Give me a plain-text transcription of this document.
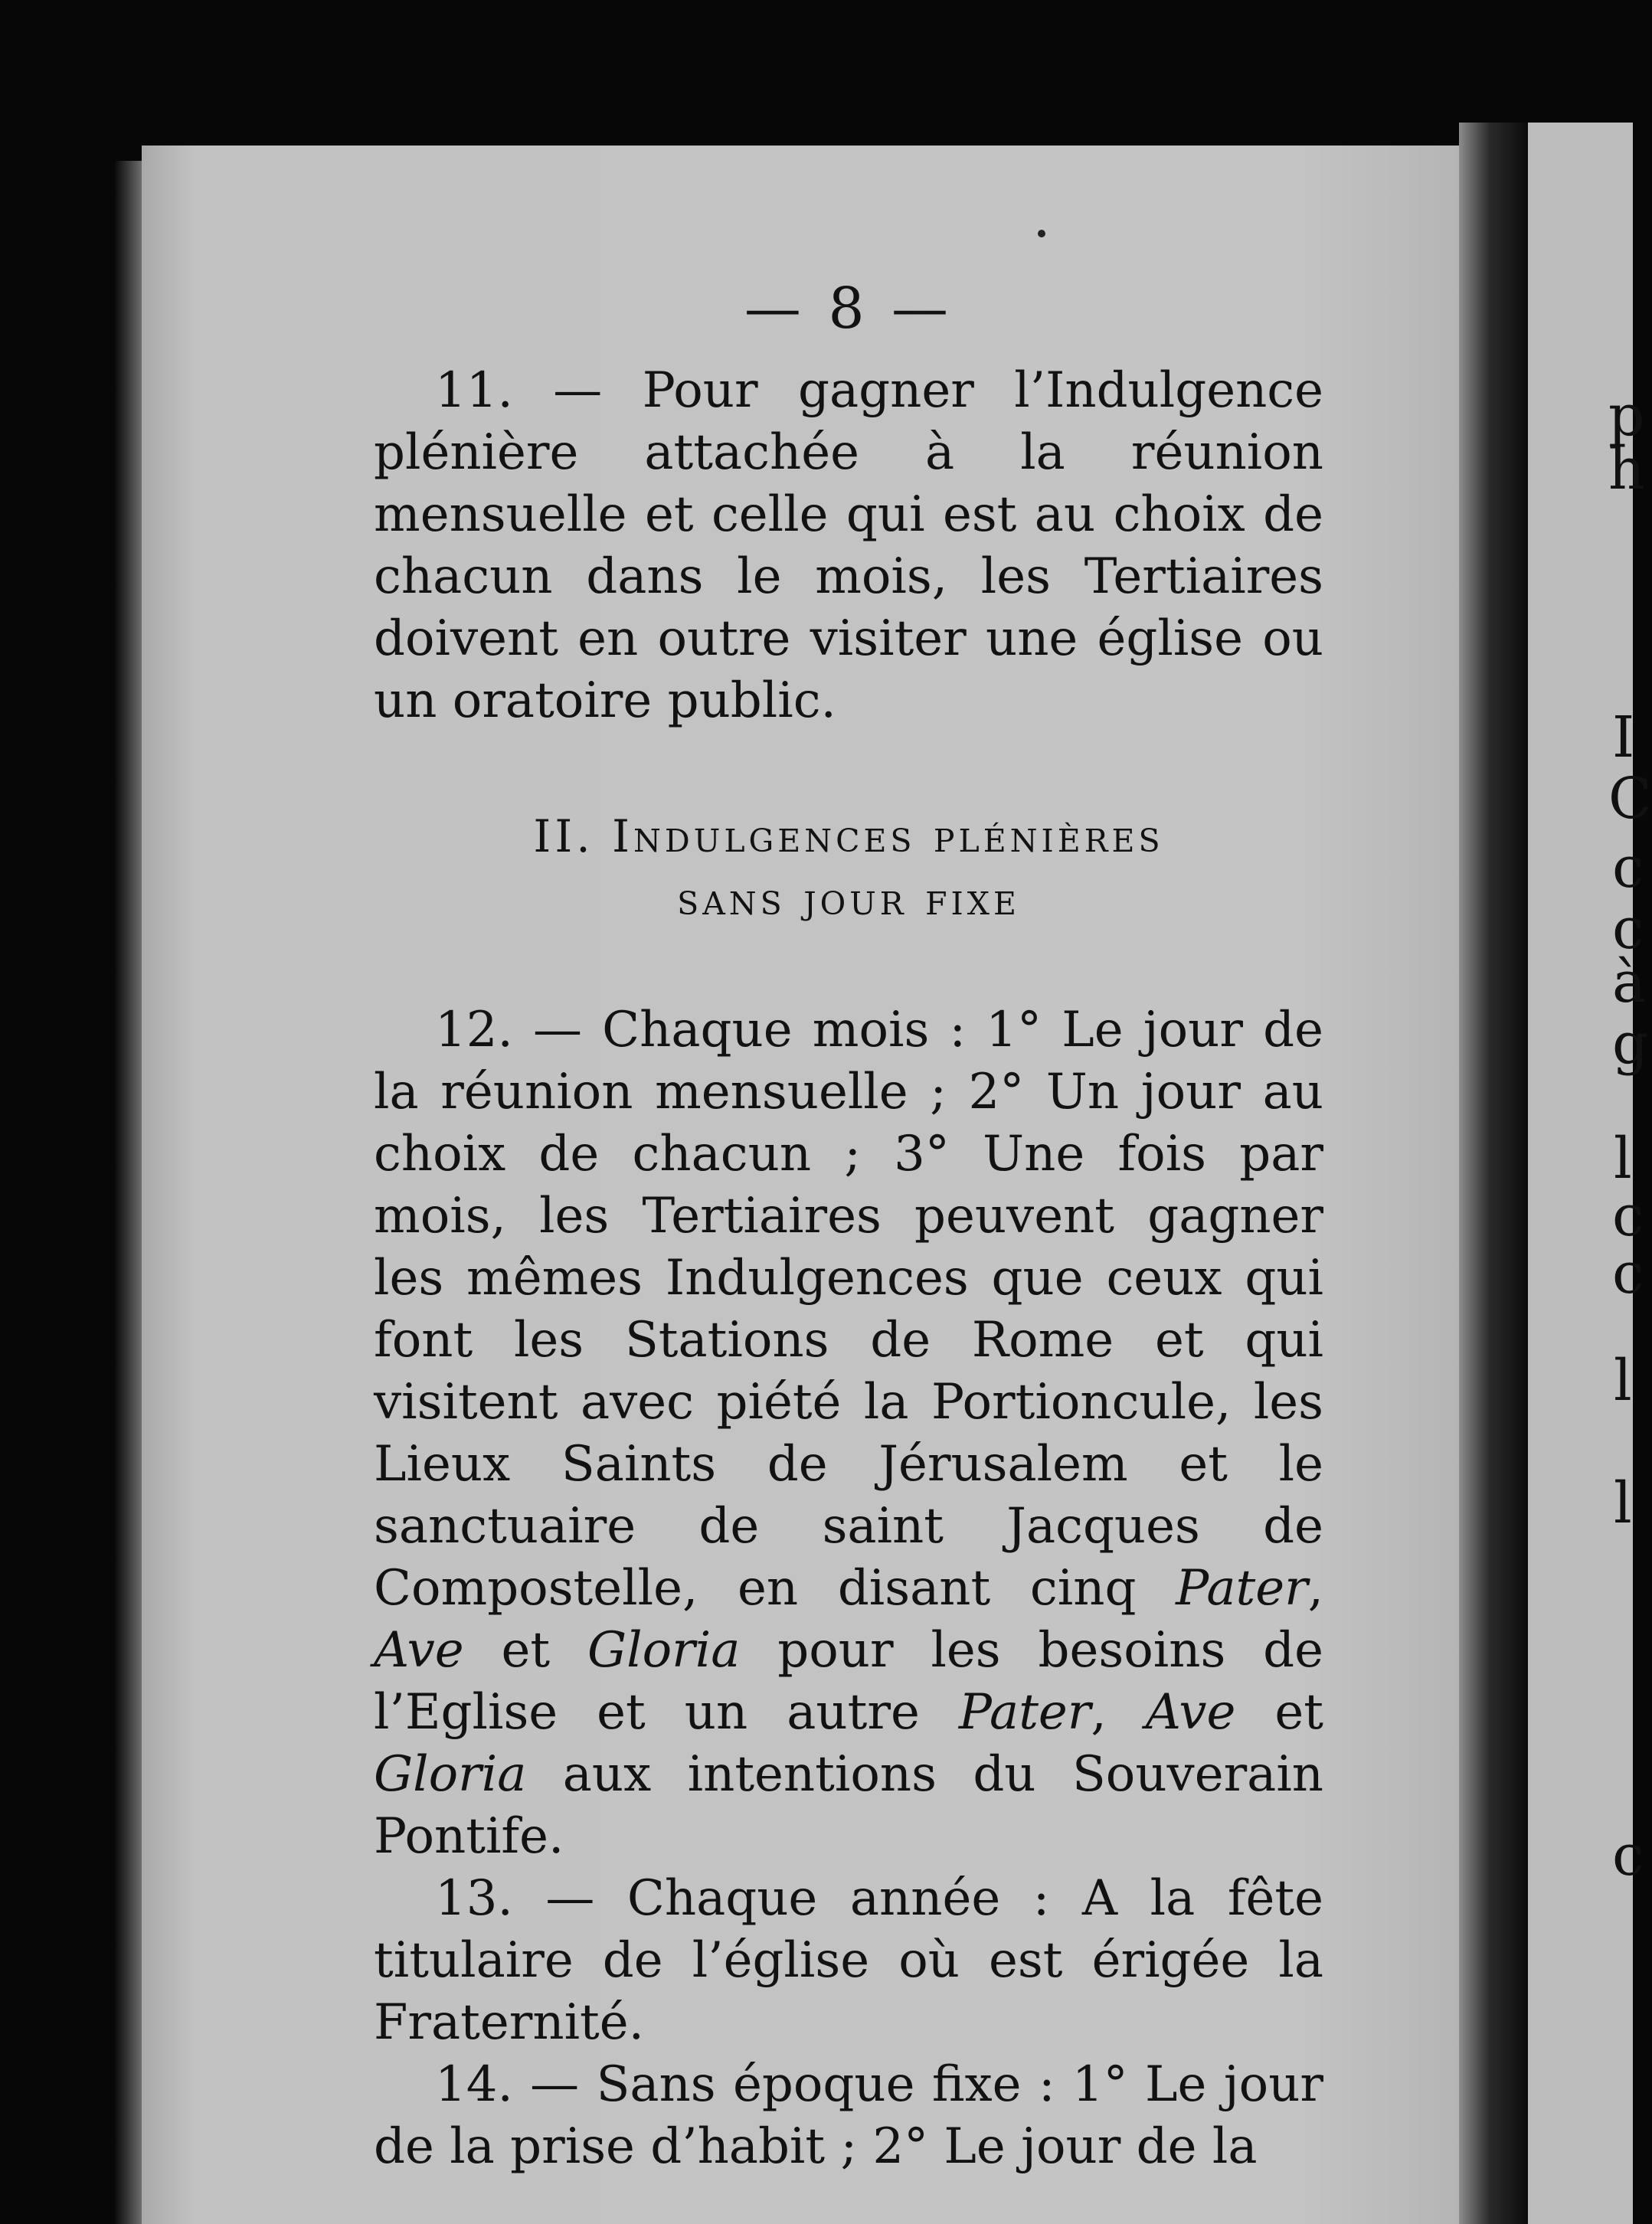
p
h
I
C
c
c
à
g
l
c
c
l
l
c
— 8 —

11. — Pour gagner l’Indulgence plénière attachée à la réunion mensuelle et celle qui est au choix de chacun dans le mois, les Tertiaires doivent en outre visiter une église ou un oratoire public.

II. Indulgences plénières
sans jour fixe

12. — Chaque mois : 1° Le jour de la réunion mensuelle ; 2° Un jour au choix de chacun ; 3° Une fois par mois, les Tertiaires peuvent gagner les mêmes Indulgences que ceux qui font les Stations de Rome et qui visitent avec piété la Portioncule, les Lieux Saints de Jérusalem et le sanctuaire de saint Jacques de Compostelle, en disant cinq Pater, Ave et Gloria pour les besoins de l’Eglise et un autre Pater, Ave et Gloria aux intentions du Souverain Pontife.

13. — Chaque année : A la fête titulaire de l’église où est érigée la Fraternité.

14. — Sans époque fixe : 1° Le jour de la prise d’habit ; 2° Le jour de la
